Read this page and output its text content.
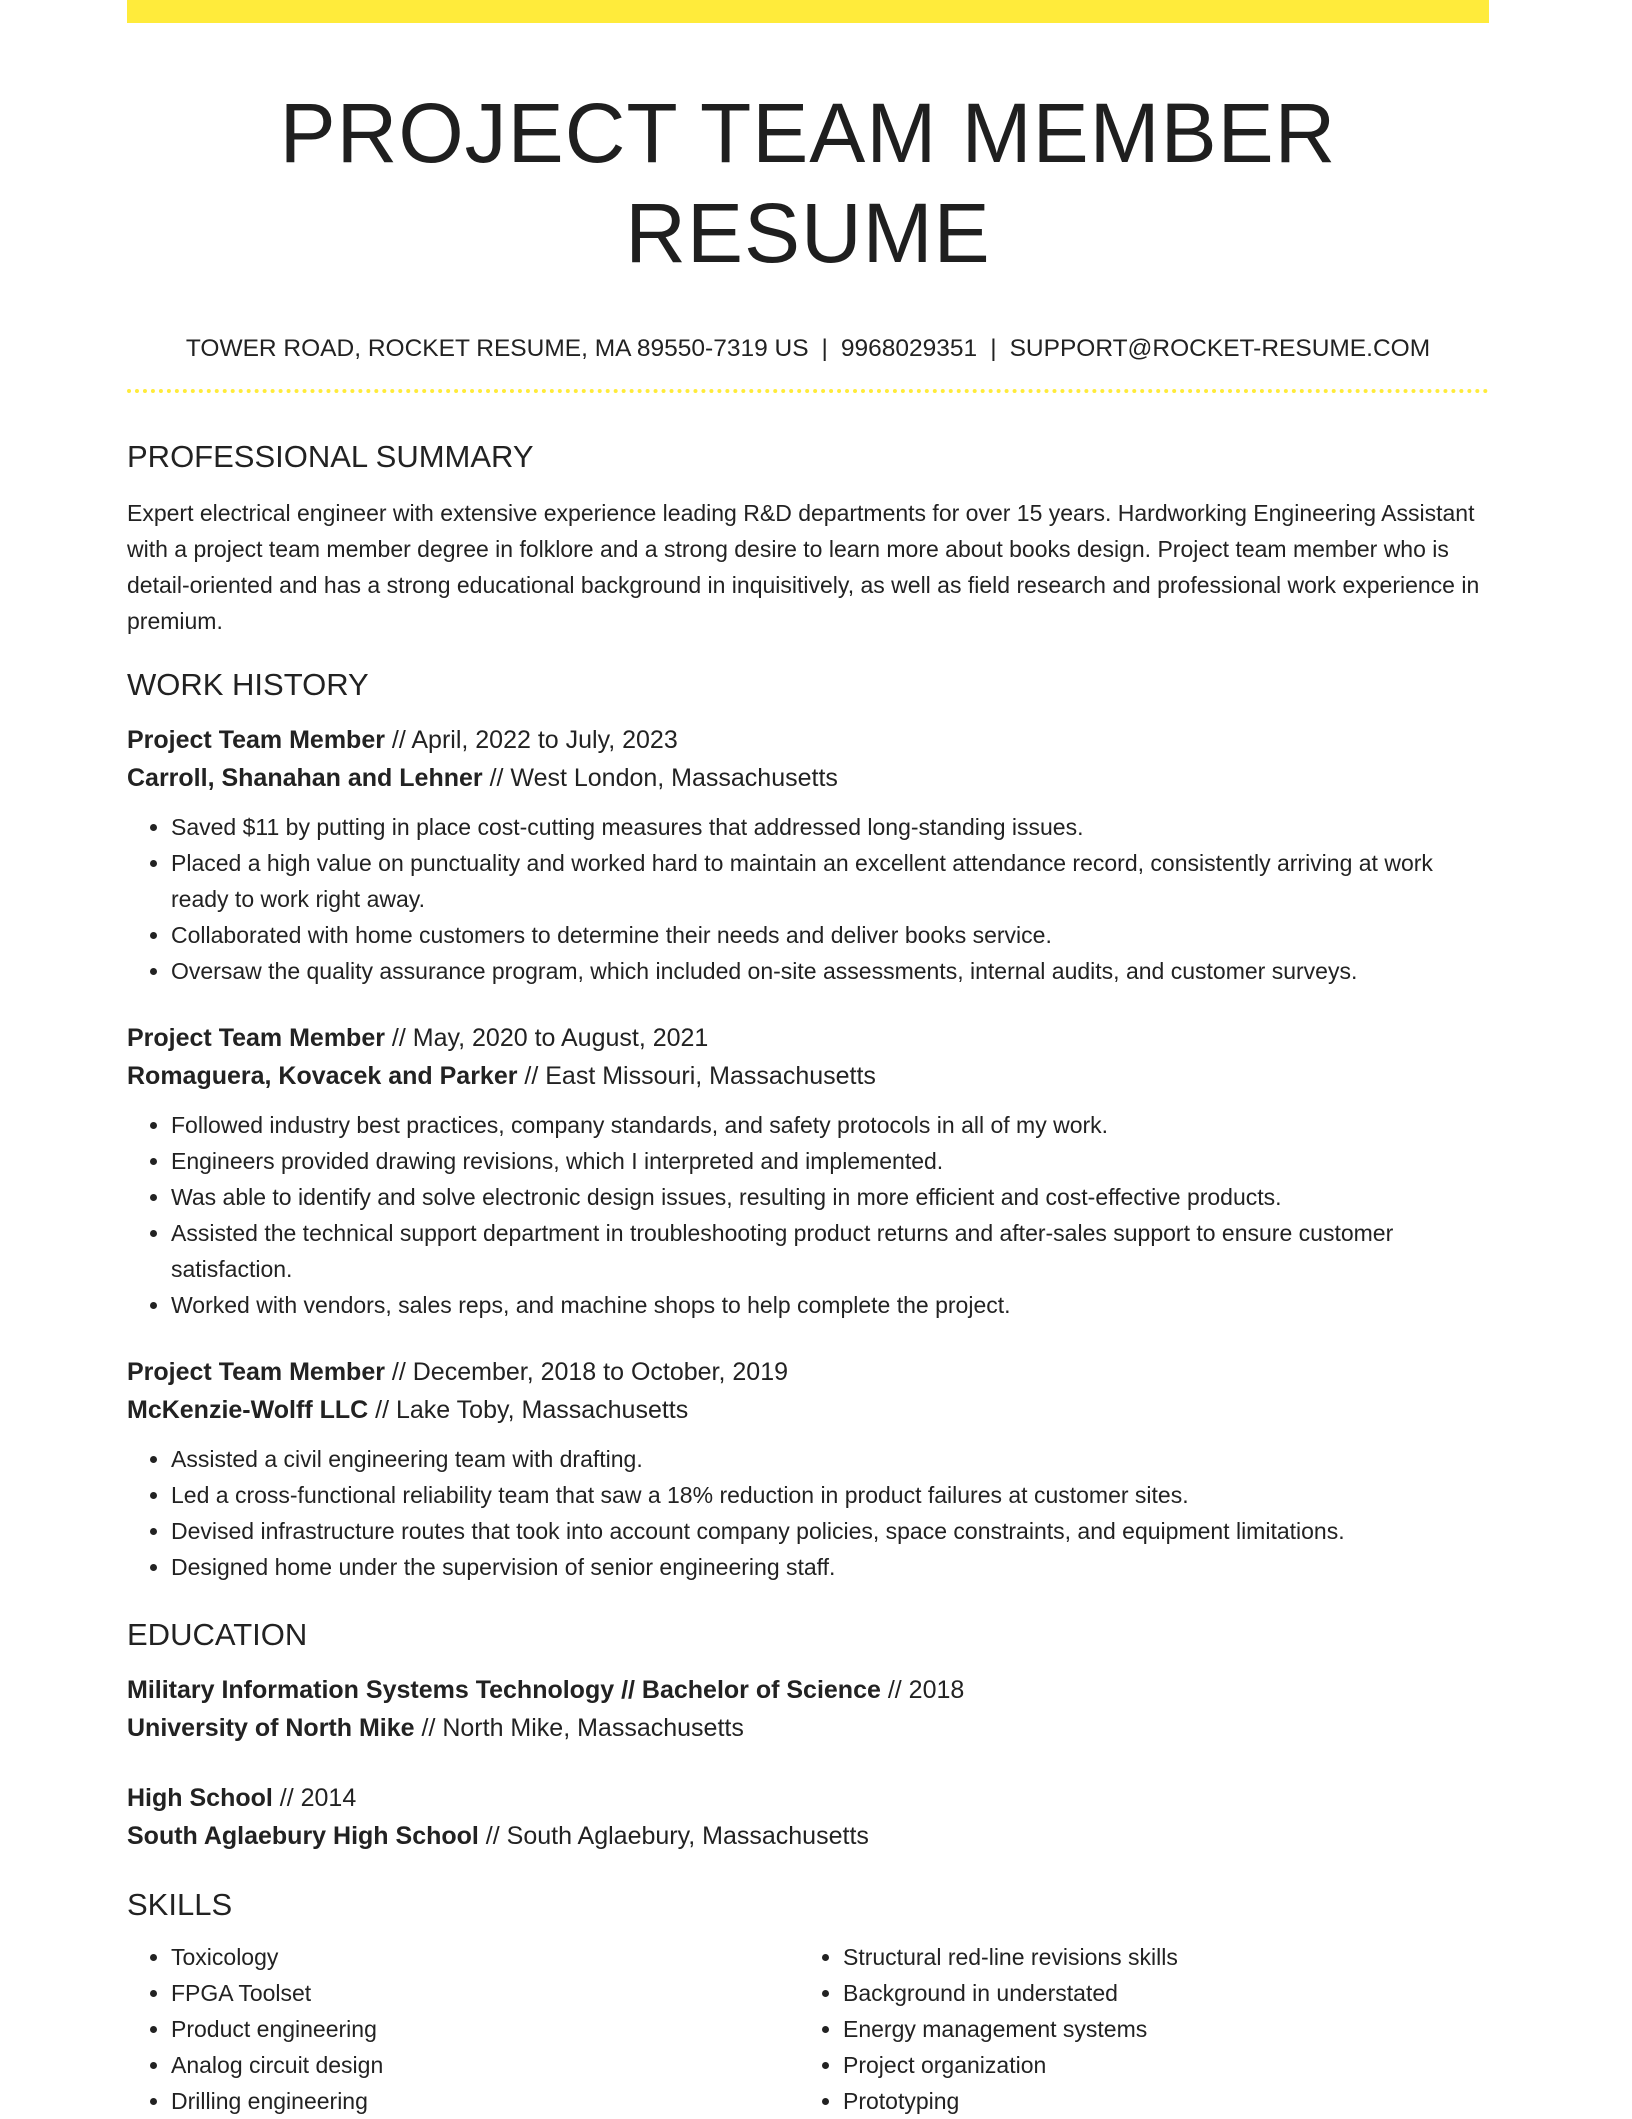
PROJECT TEAM MEMBER RESUME
TOWER ROAD, ROCKET RESUME, MA 89550-7319 US | 9968029351 | SUPPORT@ROCKET-RESUME.COM
PROFESSIONAL SUMMARY
Expert electrical engineer with extensive experience leading R&D departments for over 15 years. Hardworking Engineering Assistant with a project team member degree in folklore and a strong desire to learn more about books design. Project team member who is detail-oriented and has a strong educational background in inquisitively, as well as field research and professional work experience in premium.
WORK HISTORY
Project Team Member // April, 2022 to July, 2023
Carroll, Shanahan and Lehner // West London, Massachusetts
• Saved $11 by putting in place cost-cutting measures that addressed long-standing issues.
• Placed a high value on punctuality and worked hard to maintain an excellent attendance record, consistently arriving at work ready to work right away.
• Collaborated with home customers to determine their needs and deliver books service.
• Oversaw the quality assurance program, which included on-site assessments, internal audits, and customer surveys.
Project Team Member // May, 2020 to August, 2021
Romaguera, Kovacek and Parker // East Missouri, Massachusetts
• Followed industry best practices, company standards, and safety protocols in all of my work.
• Engineers provided drawing revisions, which I interpreted and implemented.
• Was able to identify and solve electronic design issues, resulting in more efficient and cost-effective products.
• Assisted the technical support department in troubleshooting product returns and after-sales support to ensure customer satisfaction.
• Worked with vendors, sales reps, and machine shops to help complete the project.
Project Team Member // December, 2018 to October, 2019
McKenzie-Wolff LLC // Lake Toby, Massachusetts
• Assisted a civil engineering team with drafting.
• Led a cross-functional reliability team that saw a 18% reduction in product failures at customer sites.
• Devised infrastructure routes that took into account company policies, space constraints, and equipment limitations.
• Designed home under the supervision of senior engineering staff.
EDUCATION
Military Information Systems Technology // Bachelor of Science // 2018
University of North Mike // North Mike, Massachusetts
High School // 2014
South Aglaebury High School // South Aglaebury, Massachusetts
SKILLS
• Toxicology
• FPGA Toolset
• Product engineering
• Analog circuit design
• Drilling engineering
• Structural red-line revisions skills
• Background in understated
• Energy management systems
• Project organization
• Prototyping
